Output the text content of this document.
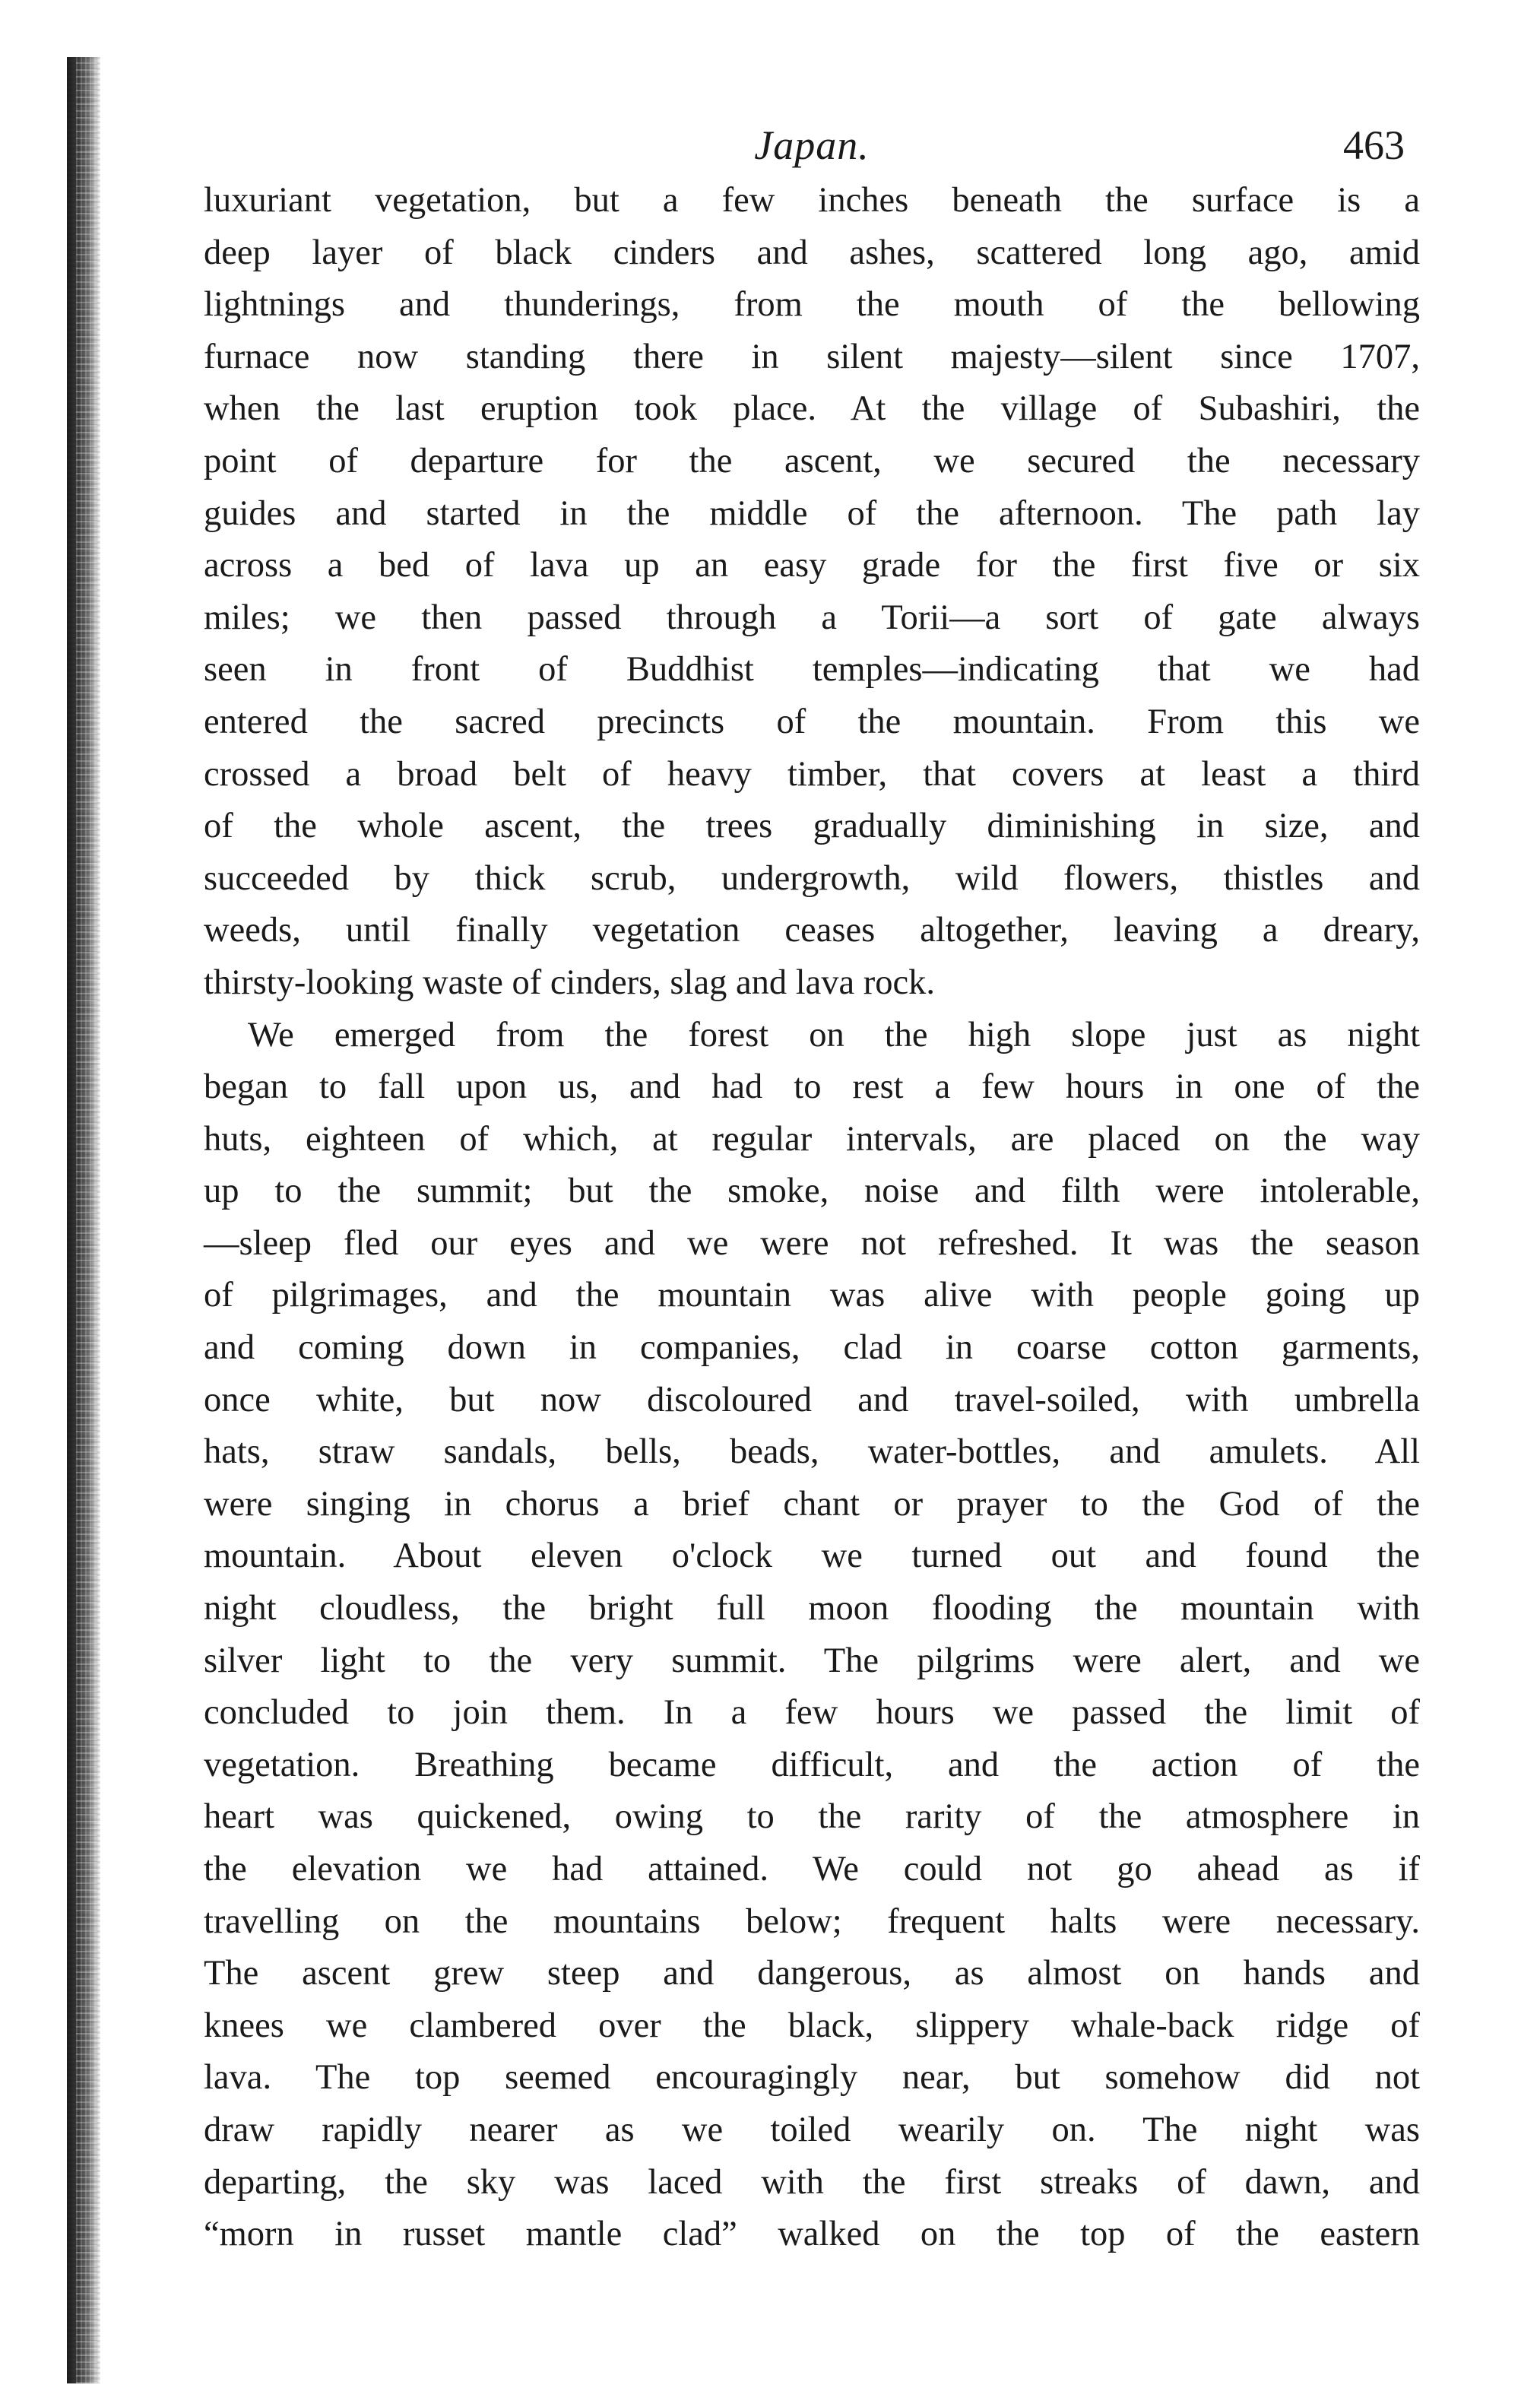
Japan.	463

luxuriant vegetation, but a few inches beneath the surface is a
deep layer of black cinders and ashes, scattered long ago, amid
lightnings and thunderings, from the mouth of the bellowing
furnace now standing there in silent majesty—silent since 1707,
when the last eruption took place. At the village of Subashiri, the
point of departure for the ascent, we secured the necessary
guides and started in the middle of the afternoon. The path lay
across a bed of lava up an easy grade for the first five or six
miles; we then passed through a Torii—a sort of gate always
seen in front of Buddhist temples—indicating that we had
entered the sacred precincts of the mountain. From this we
crossed a broad belt of heavy timber, that covers at least a third
of the whole ascent, the trees gradually diminishing in size, and
succeeded by thick scrub, undergrowth, wild flowers, thistles and
weeds, until finally vegetation ceases altogether, leaving a dreary,
thirsty-looking waste of cinders, slag and lava rock.

We emerged from the forest on the high slope just as night
began to fall upon us, and had to rest a few hours in one of the
huts, eighteen of which, at regular intervals, are placed on the way
up to the summit; but the smoke, noise and filth were intolerable,
—sleep fled our eyes and we were not refreshed. It was the season
of pilgrimages, and the mountain was alive with people going up
and coming down in companies, clad in coarse cotton garments,
once white, but now discoloured and travel-soiled, with umbrella
hats, straw sandals, bells, beads, water-bottles, and amulets. All
were singing in chorus a brief chant or prayer to the God of the
mountain. About eleven o'clock we turned out and found the
night cloudless, the bright full moon flooding the mountain with
silver light to the very summit. The pilgrims were alert, and we
concluded to join them. In a few hours we passed the limit of
vegetation. Breathing became difficult, and the action of the
heart was quickened, owing to the rarity of the atmosphere in
the elevation we had attained. We could not go ahead as if
travelling on the mountains below; frequent halts were necessary.
The ascent grew steep and dangerous, as almost on hands and
knees we clambered over the black, slippery whale-back ridge of
lava. The top seemed encouragingly near, but somehow did not
draw rapidly nearer as we toiled wearily on. The night was
departing, the sky was laced with the first streaks of dawn, and
“morn in russet mantle clad” walked on the top of the eastern
